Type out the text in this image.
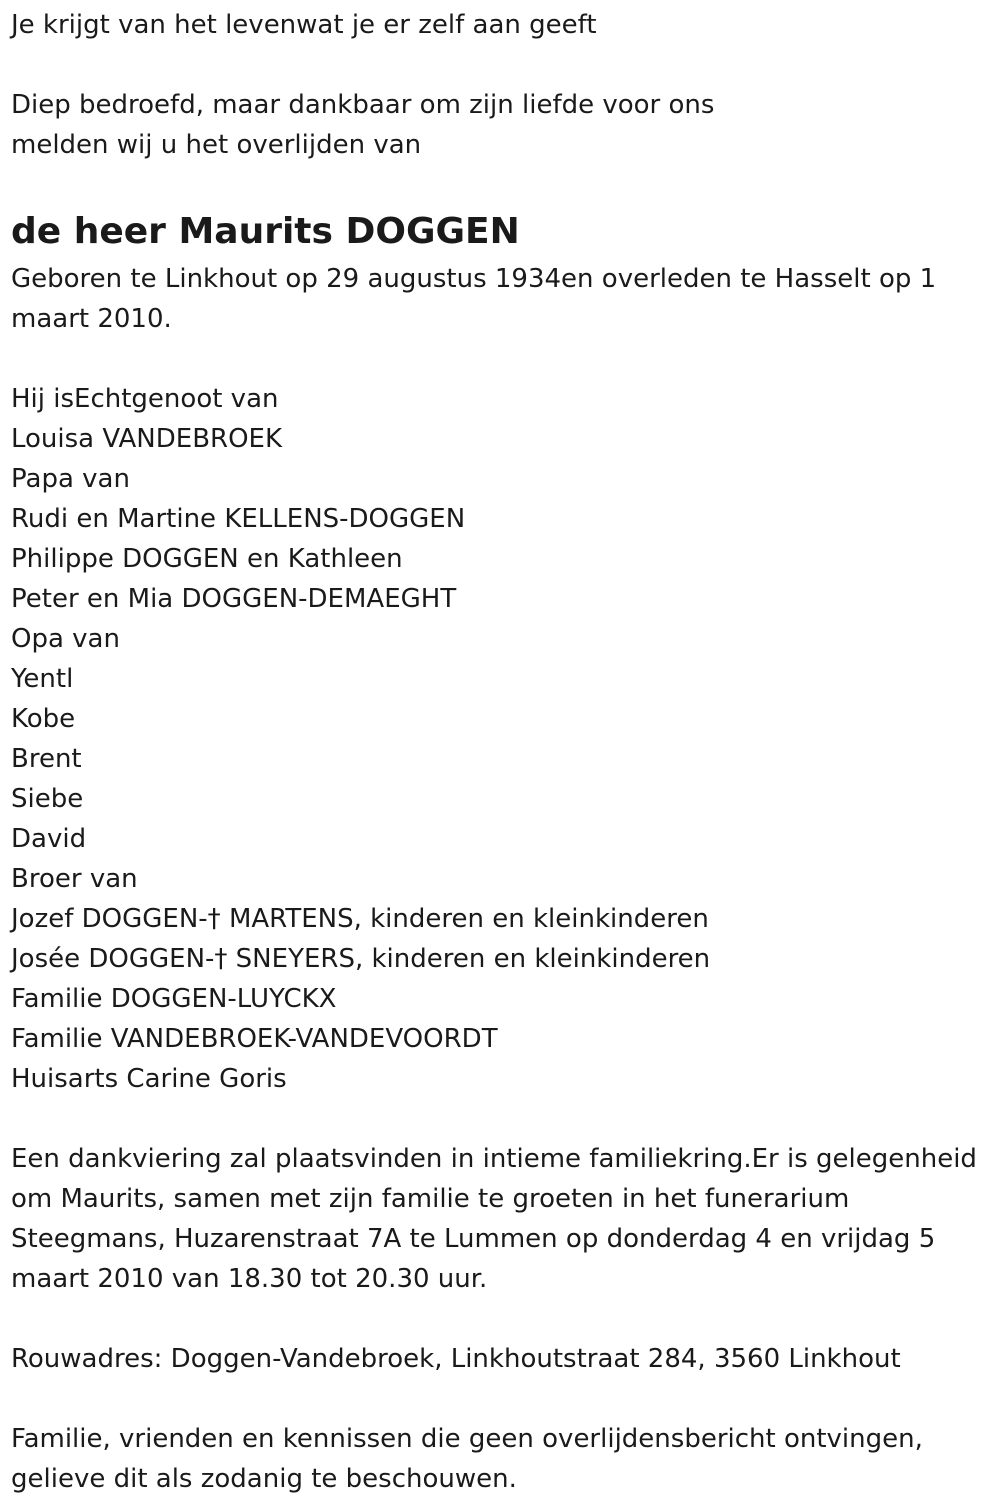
Je krijgt van het levenwat je er zelf aan geeft

Diep bedroefd, maar dankbaar om zijn liefde voor ons

melden wij u het overlijden van

de heer Maurits DOGGEN

Geboren te Linkhout op 29 augustus 1934en overleden te Hasselt op 1

maart 2010.

Hij isEchtgenoot van

Louisa VANDEBROEK

Papa van

Rudi en Martine KELLENS-DOGGEN

Philippe DOGGEN en Kathleen

Peter en Mia DOGGEN-DEMAEGHT

Opa van

Yentl

Kobe

Brent

Siebe

David

Broer van

Jozef DOGGEN-† MARTENS, kinderen en kleinkinderen

Josée DOGGEN-† SNEYERS, kinderen en kleinkinderen

Familie DOGGEN-LUYCKX

Familie VANDEBROEK-VANDEVOORDT

Huisarts Carine Goris

Een dankviering zal plaatsvinden in intieme familiekring.Er is gelegenheid

om Maurits, samen met zijn familie te groeten in het funerarium

Steegmans, Huzarenstraat 7A te Lummen op donderdag 4 en vrijdag 5

maart 2010 van 18.30 tot 20.30 uur.

Rouwadres: Doggen-Vandebroek, Linkhoutstraat 284, 3560 Linkhout

Familie, vrienden en kennissen die geen overlijdensbericht ontvingen,

gelieve dit als zodanig te beschouwen.
